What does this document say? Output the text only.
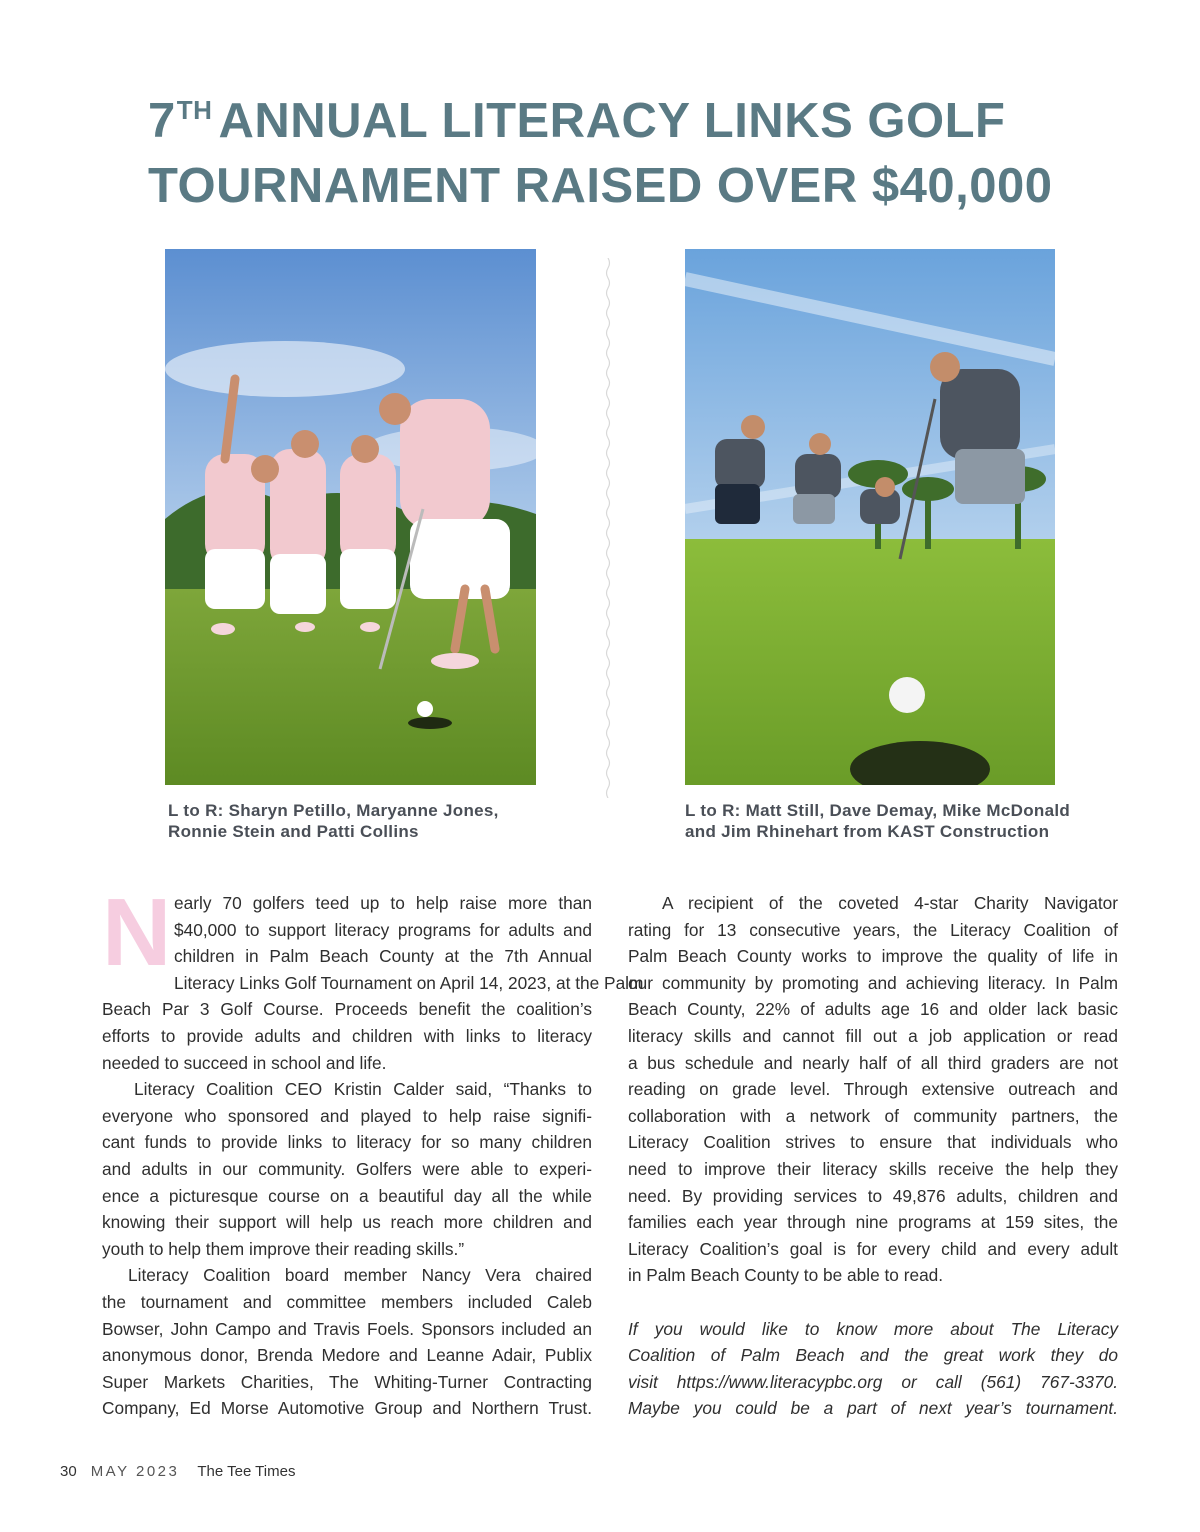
7TH ANNUAL LITERACY LINKS GOLF
TOURNAMENT RAISED OVER $40,000
L to R: Sharyn Petillo, Maryanne Jones,
Ronnie Stein and Patti Collins
L to R: Matt Still, Dave Demay, Mike McDonald
and Jim Rhinehart from KAST Construction

N early 70 golfers teed up to help raise more than
$40,000 to support literacy programs for adults and
children in Palm Beach County at the 7th Annual
Literacy Links Golf Tournament on April 14, 2023, at the Palm
Beach Par 3 Golf Course. Proceeds benefit the coalition’s
efforts to provide adults and children with links to literacy
needed to succeed in school and life.

Literacy Coalition CEO Kristin Calder said, “Thanks to
everyone who sponsored and played to help raise signifi-
cant funds to provide links to literacy for so many children
and adults in our community. Golfers were able to experi-
ence a picturesque course on a beautiful day all the while
knowing their support will help us reach more children and
youth to help them improve their reading skills.”

Literacy Coalition board member Nancy Vera chaired
the tournament and committee members included Caleb
Bowser, John Campo and Travis Foels. Sponsors included an
anonymous donor, Brenda Medore and Leanne Adair, Publix
Super Markets Charities, The Whiting-Turner Contracting
Company, Ed Morse Automotive Group and Northern Trust.

A recipient of the coveted 4-star Charity Navigator
rating for 13 consecutive years, the Literacy Coalition of
Palm Beach County works to improve the quality of life in
our community by promoting and achieving literacy. In Palm
Beach County, 22% of adults age 16 and older lack basic
literacy skills and cannot fill out a job application or read
a bus schedule and nearly half of all third graders are not
reading on grade level. Through extensive outreach and
collaboration with a network of community partners, the
Literacy Coalition strives to ensure that individuals who
need to improve their literacy skills receive the help they
need. By providing services to 49,876 adults, children and
families each year through nine programs at 159 sites, the
Literacy Coalition’s goal is for every child and every adult
in Palm Beach County to be able to read.

If you would like to know more about The Literacy
Coalition of Palm Beach and the great work they do
visit https://www.literacypbc.org or call (561) 767-3370.
Maybe you could be a part of next year’s tournament.

30 MAY 2023 The Tee Times
